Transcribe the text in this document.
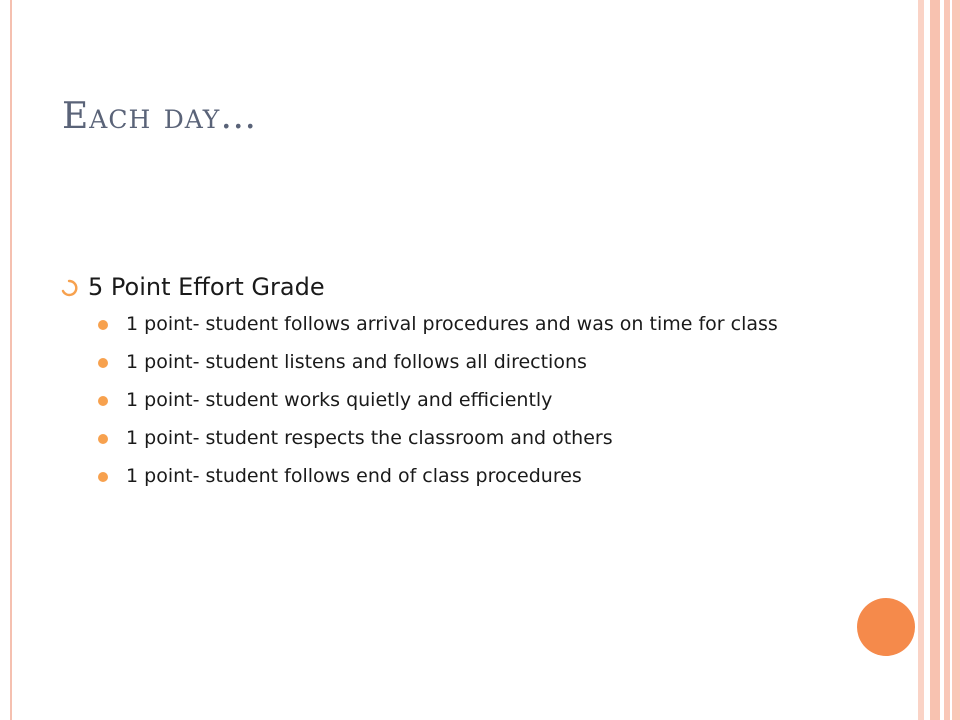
Each day…
5 Point Effort Grade
1 point- student follows arrival procedures and was on time for class
1 point- student listens and follows all directions
1 point- student works quietly and efficiently
1 point- student respects the classroom and others
1 point- student follows end of class procedures
